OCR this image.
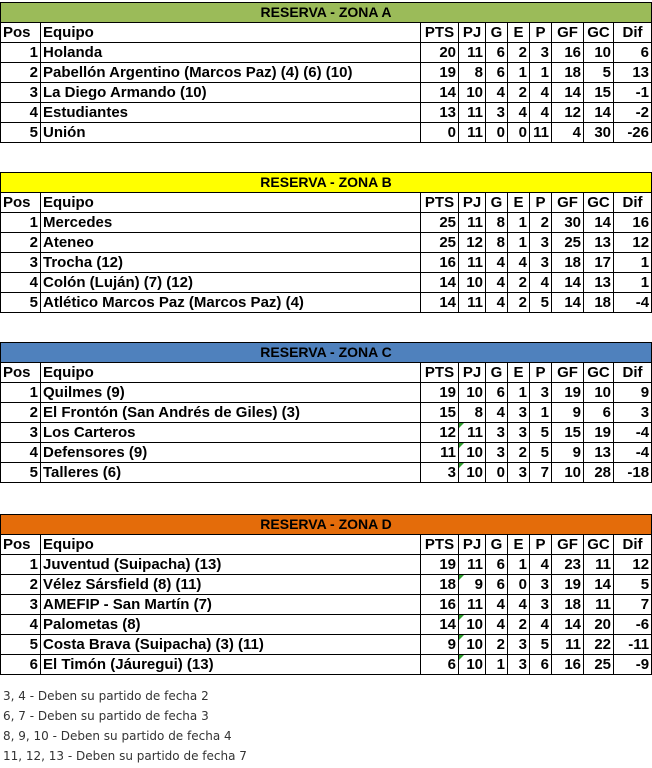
RESERVA - ZONA A									
Pos	Equipo	PTS	PJ	G	E	P	GF	GC	Dif
1	Holanda	20	11	6	2	3	16	10	6
2	Pabellón Argentino (Marcos Paz) (4) (6) (10)	19	8	6	1	1	18	5	13
3	La Diego Armando (10)	14	10	4	2	4	14	15	-1
4	Estudiantes	13	11	3	4	4	12	14	-2
5	Unión	0	11	0	0	11	4	30	-26
RESERVA - ZONA B									
Pos	Equipo	PTS	PJ	G	E	P	GF	GC	Dif
1	Mercedes	25	11	8	1	2	30	14	16
2	Ateneo	25	12	8	1	3	25	13	12
3	Trocha (12)	16	11	4	4	3	18	17	1
4	Colón (Luján) (7) (12)	14	10	4	2	4	14	13	1
5	Atlético Marcos Paz (Marcos Paz) (4)	14	11	4	2	5	14	18	-4
RESERVA - ZONA C									
Pos	Equipo	PTS	PJ	G	E	P	GF	GC	Dif
1	Quilmes (9)	19	10	6	1	3	19	10	9
2	El Frontón (San Andrés de Giles) (3)	15	8	4	3	1	9	6	3
3	Los Carteros	12	11	3	3	5	15	19	-4
4	Defensores (9)	11	10	3	2	5	9	13	-4
5	Talleres (6)	3	10	0	3	7	10	28	-18
RESERVA - ZONA D									
Pos	Equipo	PTS	PJ	G	E	P	GF	GC	Dif
1	Juventud (Suipacha) (13)	19	11	6	1	4	23	11	12
2	Vélez Sársfield (8) (11)	18	9	6	0	3	19	14	5
3	AMEFIP - San Martín (7)	16	11	4	4	3	18	11	7
4	Palometas (8)	14	10	4	2	4	14	20	-6
5	Costa Brava (Suipacha) (3) (11)	9	10	2	3	5	11	22	-11
6	El Timón (Jáuregui) (13)	6	10	1	3	6	16	25	-9
3, 4 - Deben su partido de fecha 2
6, 7 - Deben su partido de fecha 3
8, 9, 10 - Deben su partido de fecha 4
11, 12, 13 - Deben su partido de fecha 7
